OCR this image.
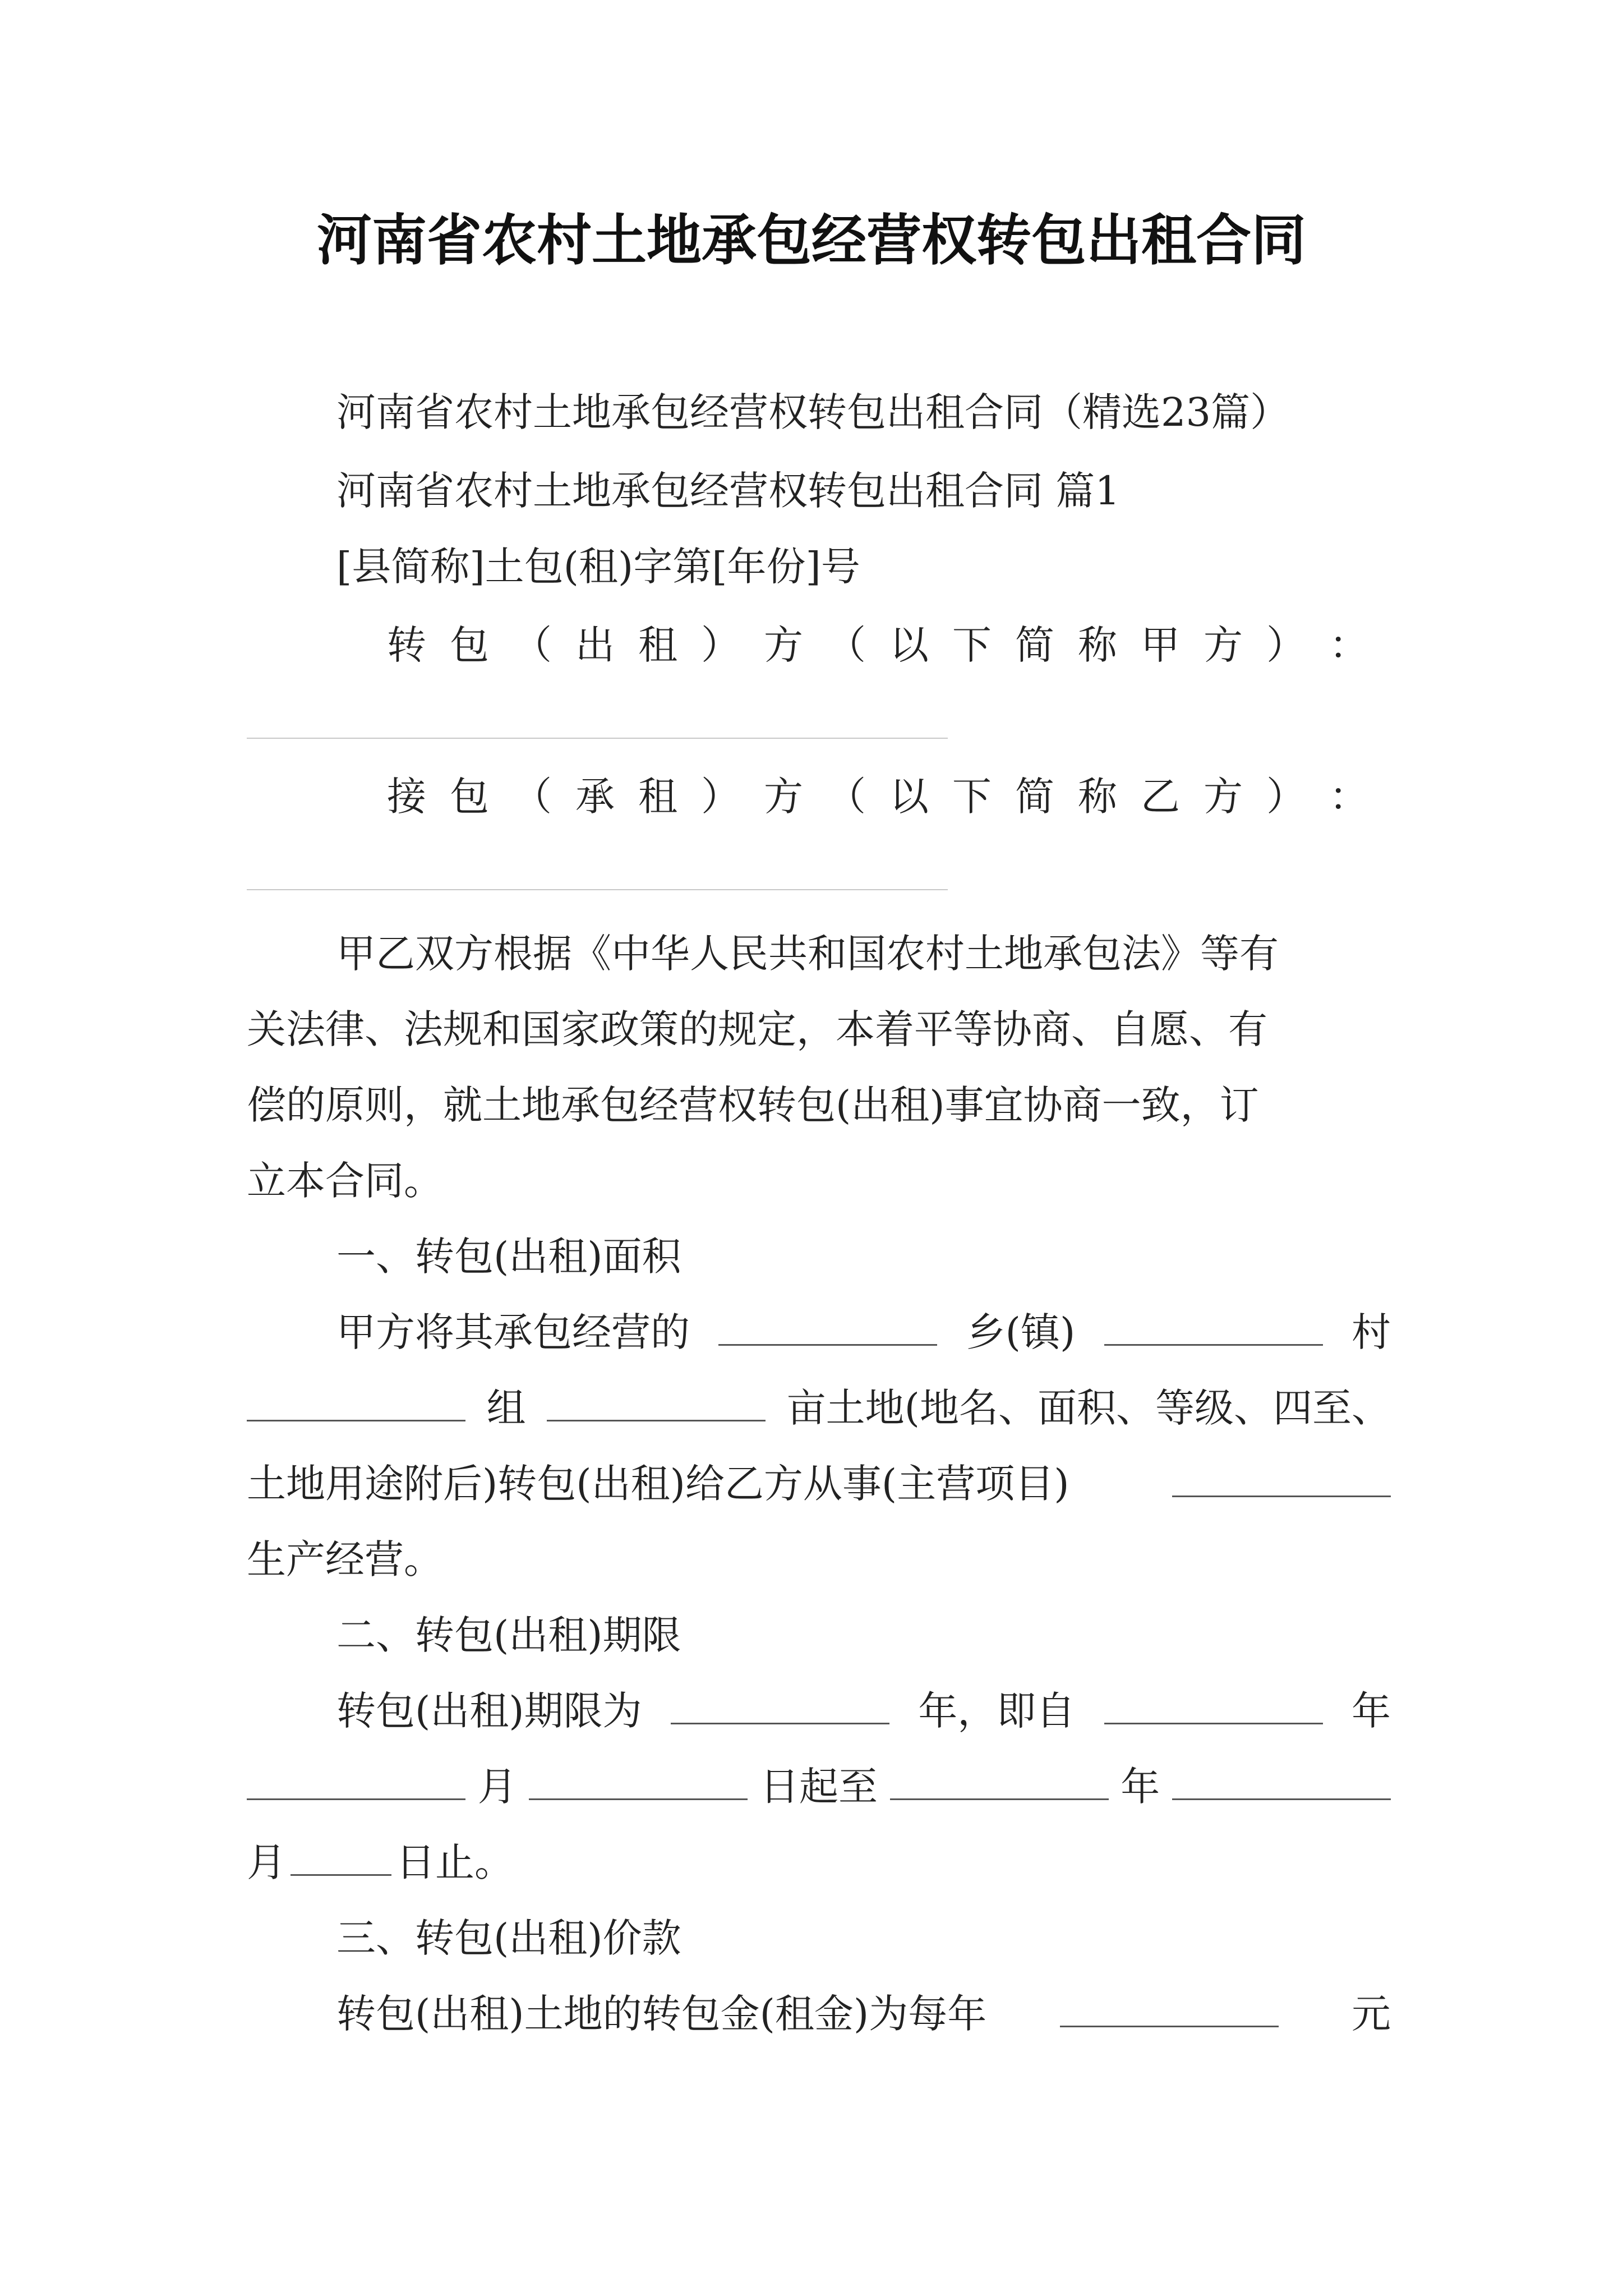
河南省农村土地承包经营权转包出租合同
河南省农村土地承包经营权转包出租合同（精选23篇）
河南省农村土地承包经营权转包出租合同 篇1
[县简称]土包(租)字第[年份]号
转 包 （ 出 租 ） 方 （ 以 下 简 称 甲 方 ） ：
接 包 （ 承 租 ） 方 （ 以 下 简 称 乙 方 ） ：
甲乙双方根据《中华人民共和国农村土地承包法》等有
关法律、法规和国家政策的规定，本着平等协商、自愿、有
偿的原则，就土地承包经营权转包(出租)事宜协商一致，订
立本合同。
一、转包(出租)面积
甲方将其承包经营的	乡(镇)	村
组	亩土地(地名、面积、等级、四至、
土地用途附后)转包(出租)给乙方从事(主营项目)
生产经营。
二、转包(出租)期限
转包(出租)期限为	年，即自	年
月	日起至	年
月	日止。
三、转包(出租)价款
转包(出租)土地的转包金(租金)为每年	元
